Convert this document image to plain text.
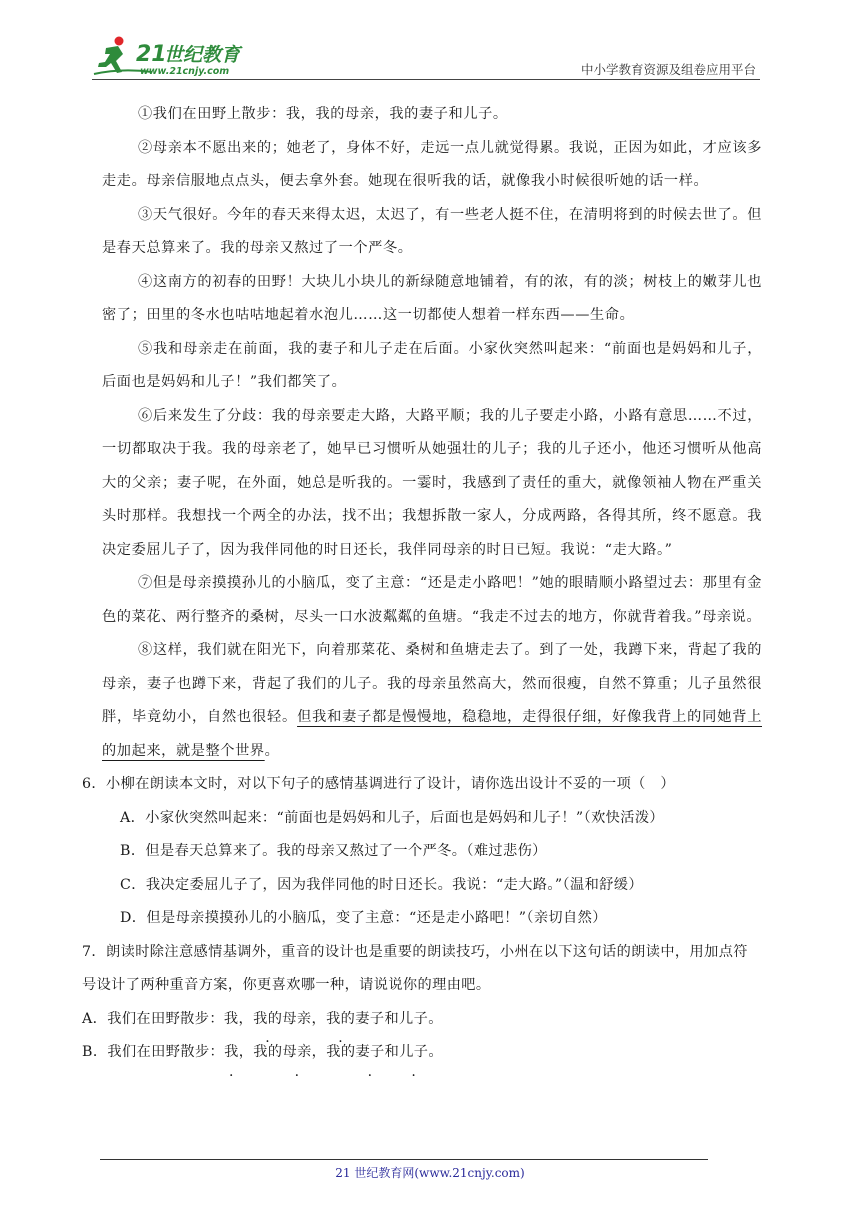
21
世纪教育
www.21cnjy.com	中小学教育资源及组卷应用平台

①我们在田野上散步：我，我的母亲，我的妻子和儿子。

②母亲本不愿出来的；她老了，身体不好，走远一点儿就觉得累。我说，正因为如此，才应该多走走。母亲信服地点点头，便去拿外套。她现在很听我的话，就像我小时候很听她的话一样。

③天气很好。今年的春天来得太迟，太迟了，有一些老人挺不住，在清明将到的时候去世了。但是春天总算来了。我的母亲又熬过了一个严冬。

④这南方的初春的田野！大块儿小块儿的新绿随意地铺着，有的浓，有的淡；树枝上的嫩芽儿也密了；田里的冬水也咕咕地起着水泡儿……这一切都使人想着一样东西——生命。

⑤我和母亲走在前面，我的妻子和儿子走在后面。小家伙突然叫起来：“前面也是妈妈和儿子，后面也是妈妈和儿子！”我们都笑了。

⑥后来发生了分歧：我的母亲要走大路，大路平顺；我的儿子要走小路，小路有意思……不过，一切都取决于我。我的母亲老了，她早已习惯听从她强壮的儿子；我的儿子还小，他还习惯听从他高大的父亲；妻子呢，在外面，她总是听我的。一霎时，我感到了责任的重大，就像领袖人物在严重关头时那样。我想找一个两全的办法，找不出；我想拆散一家人，分成两路，各得其所，终不愿意。我决定委屈儿子了，因为我伴同他的时日还长，我伴同母亲的时日已短。我说：“走大路。”

⑦但是母亲摸摸孙儿的小脑瓜，变了主意：“还是走小路吧！”她的眼睛顺小路望过去：那里有金色的菜花、两行整齐的桑树，尽头一口水波粼粼的鱼塘。“我走不过去的地方，你就背着我。”母亲说。

⑧这样，我们就在阳光下，向着那菜花、桑树和鱼塘走去了。到了一处，我蹲下来，背起了我的母亲，妻子也蹲下来，背起了我们的儿子。我的母亲虽然高大，然而很瘦，自然不算重；儿子虽然很胖，毕竟幼小，自然也很轻。但我和妻子都是慢慢地，稳稳地，走得很仔细，好像我背上的同她背上的加起来，就是整个世界。

6．小柳在朗读本文时，对以下句子的感情基调进行了设计，请你选出设计不妥的一项（　）

A．小家伙突然叫起来：“前面也是妈妈和儿子，后面也是妈妈和儿子！”（欢快活泼）

B．但是春天总算来了。我的母亲又熬过了一个严冬。（难过悲伤）

C．我决定委屈儿子了，因为我伴同他的时日还长。我说：“走大路。”（温和舒缓）

D．但是母亲摸摸孙儿的小脑瓜，变了主意：“还是走小路吧！”（亲切自然）

7．朗读时除注意感情基调外，重音的设计也是重要的朗读技巧，小州在以下这句话的朗读中，用加点符号设计了两种重音方案，你更喜欢哪一种，请说说你的理由吧。

A．我们在田野散步：我，我的母亲，我的妻子和儿子。

B．我们在田野散步：我，我的母亲，我的妻子和儿子。

21 世纪教育网(www.21cnjy.com)
